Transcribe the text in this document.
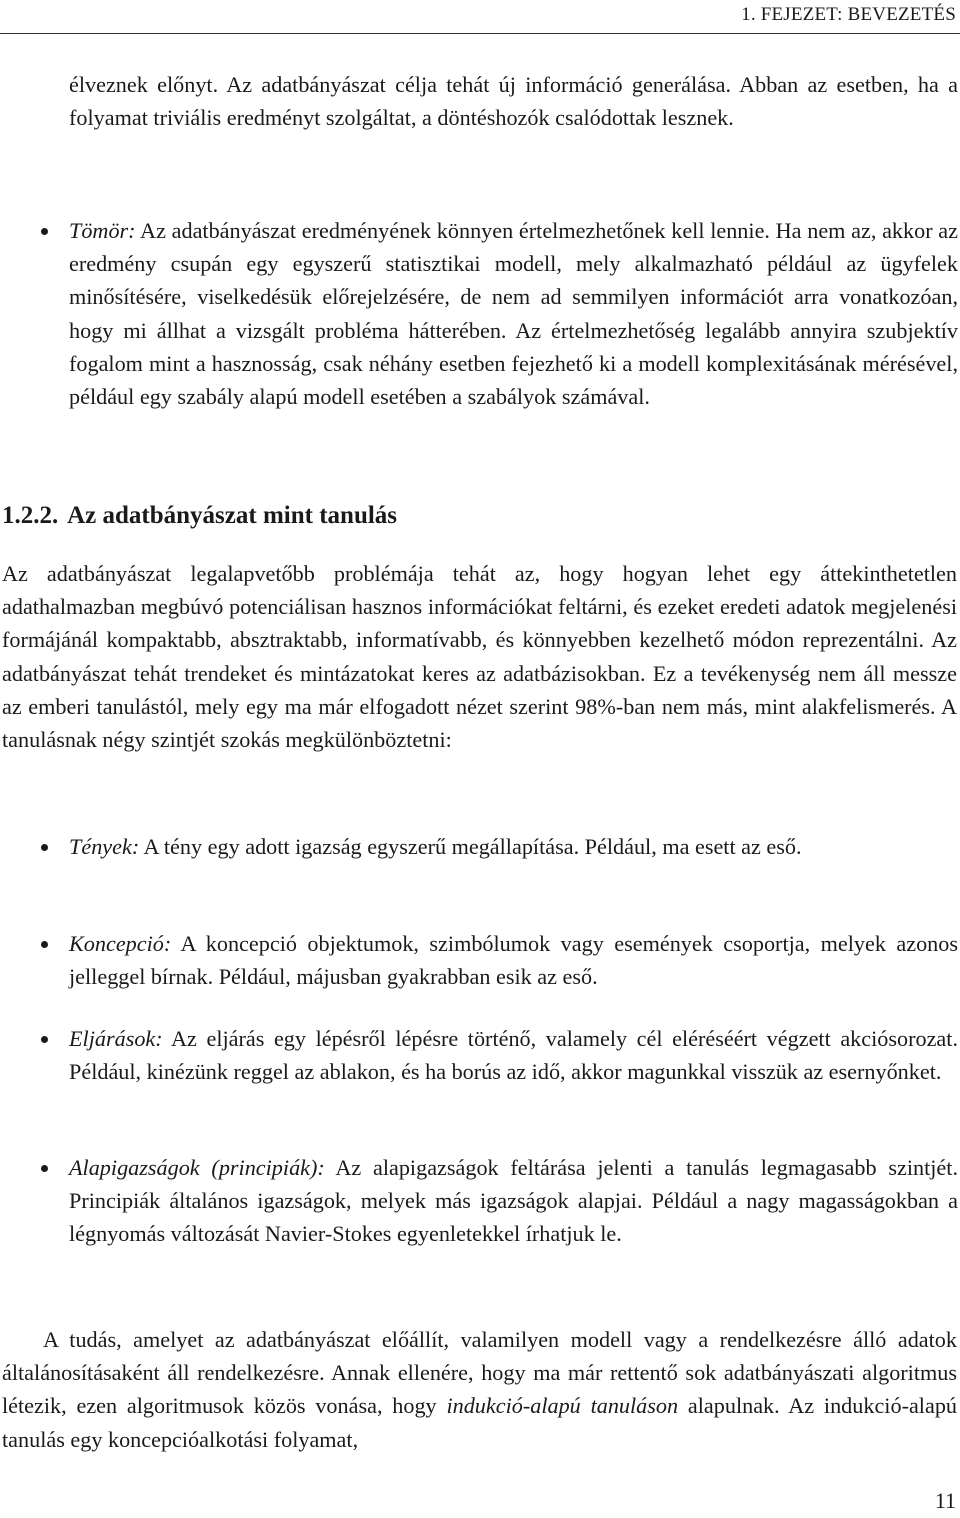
1. FEJEZET: BEVEZETÉS
élveznek előnyt. Az adatbányászat célja tehát új információ generálása. Abban az esetben, ha a folyamat triviális eredményt szolgáltat, a döntéshozók csalódottak lesznek.
Tömör: Az adatbányászat eredményének könnyen értelmezhetőnek kell lennie. Ha nem az, akkor az eredmény csupán egy egyszerű statisztikai modell, mely alkalmazható például az ügyfelek minősítésére, viselkedésük előrejelzésére, de nem ad semmilyen információt arra vonatkozóan, hogy mi állhat a vizsgált probléma hátterében. Az értelmezhetőség legalább annyira szubjektív fogalom mint a hasznosság, csak néhány esetben fejezhető ki a modell komplexitásának mérésével, például egy szabály alapú modell esetében a szabályok számával.
1.2.2. Az adatbányászat mint tanulás
Az adatbányászat legalapvetőbb problémája tehát az, hogy hogyan lehet egy áttekinthetetlen adathalmazban megbúvó potenciálisan hasznos információkat feltárni, és ezeket eredeti adatok megjelenési formájánál kompaktabb, absztraktabb, informatívabb, és könnyebben kezelhető módon reprezentálni. Az adatbányászat tehát trendeket és mintázatokat keres az adatbázisokban. Ez a tevékenység nem áll messze az emberi tanulástól, mely egy ma már elfogadott nézet szerint 98%-ban nem más, mint alakfelismerés. A tanulásnak négy szintjét szokás megkülönböztetni:
Tények: A tény egy adott igazság egyszerű megállapítása. Például, ma esett az eső.
Koncepció: A koncepció objektumok, szimbólumok vagy események csoportja, melyek azonos jelleggel bírnak. Például, májusban gyakrabban esik az eső.
Eljárások: Az eljárás egy lépésről lépésre történő, valamely cél eléréséért végzett akciósorozat. Például, kinézünk reggel az ablakon, és ha borús az idő, akkor magunkkal visszük az esernyőnket.
Alapigazságok (principiák): Az alapigazságok feltárása jelenti a tanulás legmagasabb szintjét. Principiák általános igazságok, melyek más igazságok alapjai. Például a nagy magasságokban a légnyomás változását Navier-Stokes egyenletekkel írhatjuk le.
A tudás, amelyet az adatbányászat előállít, valamilyen modell vagy a rendelkezésre álló adatok általánosításaként áll rendelkezésre. Annak ellenére, hogy ma már rettentő sok adatbányászati algoritmus létezik, ezen algoritmusok közös vonása, hogy indukció-alapú tanuláson alapulnak. Az indukció-alapú tanulás egy koncepcióalkotási folyamat,
11
